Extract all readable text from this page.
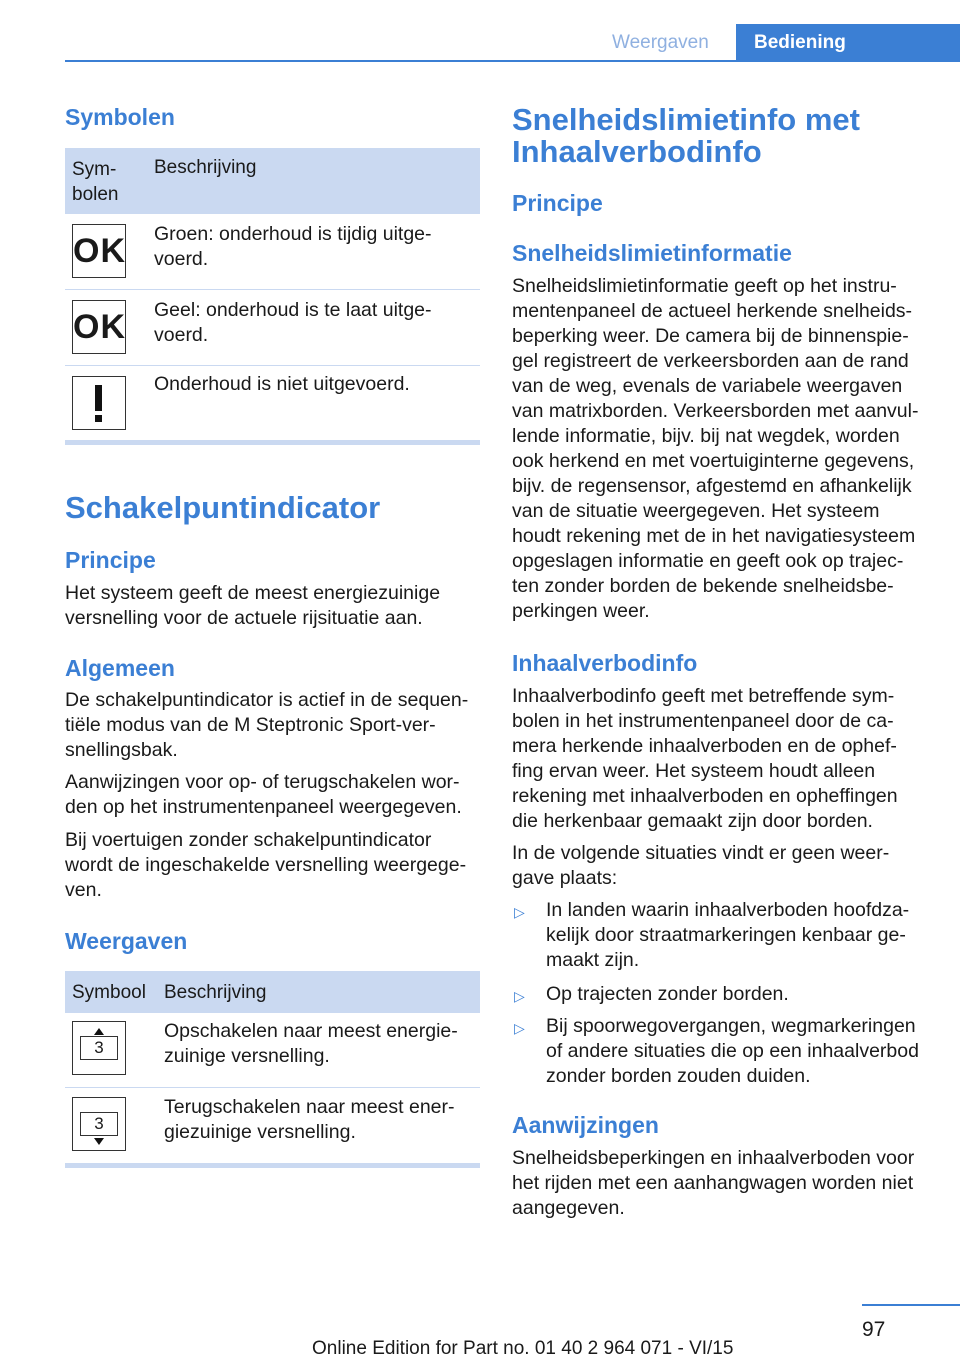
Weergaven	Bediening
Symbolen
Sym-
bolen
Beschrijving
OK Groen: onderhoud is tijdig uitge-
voerd.
OK Geel: onderhoud is te laat uitge-
voerd.
Onderhoud is niet uitgevoerd.
Schakelpuntindicator
Principe
Het systeem geeft de meest energiezuinige
versnelling voor de actuele rijsituatie aan.
Algemeen
De schakelpuntindicator is actief in de sequen-
tiële modus van de M Steptronic Sport-ver-
snellingsbak.
Aanwijzingen voor op- of terugschakelen wor-
den op het instrumentenpaneel weergegeven.
Bij voertuigen zonder schakelpuntindicator
wordt de ingeschakelde versnelling weergege-
ven.
Weergaven
Symbool Beschrijving
3
Opschakelen naar meest energie-
zuinige versnelling.
3
Terugschakelen naar meest ener-
giezuinige versnelling.
Snelheidslimietinfo met
Inhaalverbodinfo
Principe
Snelheidslimietinformatie
Snelheidslimietinformatie geeft op het instru-
mentenpaneel de actueel herkende snelheids-
beperking weer. De camera bij de binnenspie-
gel registreert de verkeersborden aan de rand
van de weg, evenals de variabele weergaven
van matrixborden. Verkeersborden met aanvul-
lende informatie, bijv. bij nat wegdek, worden
ook herkend en met voertuiginterne gegevens,
bijv. de regensensor, afgestemd en afhankelijk
van de situatie weergegeven. Het systeem
houdt rekening met de in het navigatiesysteem
opgeslagen informatie en geeft ook op trajec-
ten zonder borden de bekende snelheidsbe-
perkingen weer.
Inhaalverbodinfo
Inhaalverbodinfo geeft met betreffende sym-
bolen in het instrumentenpaneel door de ca-
mera herkende inhaalverboden en de ophef-
fing ervan weer. Het systeem houdt alleen
rekening met inhaalverboden en opheffingen
die herkenbaar gemaakt zijn door borden.
In de volgende situaties vindt er geen weer-
gave plaats:
▷ In landen waarin inhaalverboden hoofdza-
kelijk door straatmarkeringen kenbaar ge-
maakt zijn.
▷ Op trajecten zonder borden.
▷ Bij spoorwegovergangen, wegmarkeringen
of andere situaties die op een inhaalverbod
zonder borden zouden duiden.
Aanwijzingen
Snelheidsbeperkingen en inhaalverboden voor
het rijden met een aanhangwagen worden niet
aangegeven.
97
Online Edition for Part no. 01 40 2 964 071 - VI/15
